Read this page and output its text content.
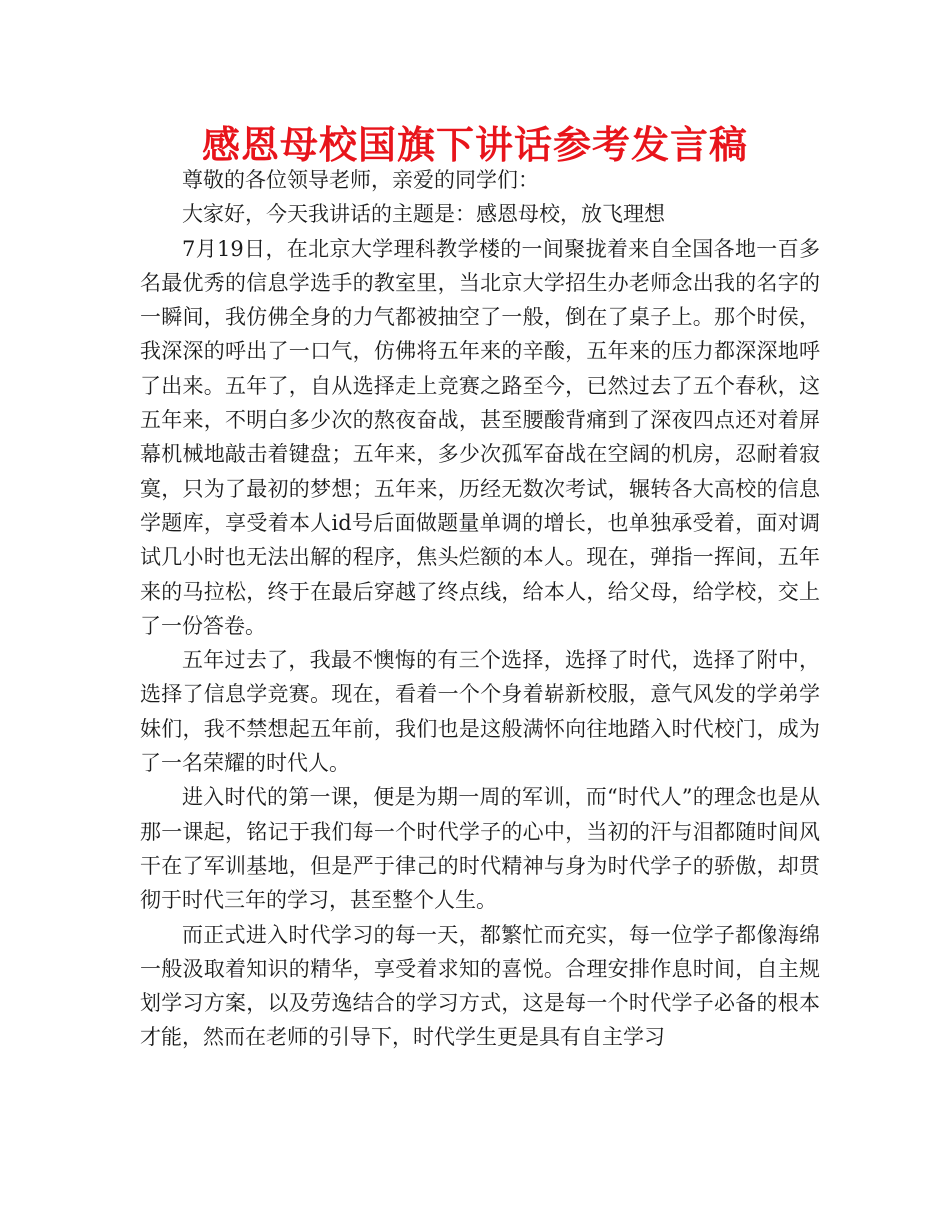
感恩母校国旗下讲话参考发言稿

尊敬的各位领导老师，亲爱的同学们：

大家好，今天我讲话的主题是：感恩母校，放飞理想

7月19日，在北京大学理科教学楼的一间聚拢着来自全国各地一百多名最优秀的信息学选手的教室里，当北京大学招生办老师念出我的名字的一瞬间，我仿佛全身的力气都被抽空了一般，倒在了桌子上。那个时侯，我深深的呼出了一口气，仿佛将五年来的辛酸，五年来的压力都深深地呼了出来。五年了，自从选择走上竞赛之路至今，已然过去了五个春秋，这五年来，不明白多少次的熬夜奋战，甚至腰酸背痛到了深夜四点还对着屏幕机械地敲击着键盘；五年来，多少次孤军奋战在空阔的机房，忍耐着寂寞，只为了最初的梦想；五年来，历经无数次考试，辗转各大高校的信息学题库，享受着本人id号后面做题量单调的增长，也单独承受着，面对调试几小时也无法出解的程序，焦头烂额的本人。现在，弹指一挥间，五年来的马拉松，终于在最后穿越了终点线，给本人，给父母，给学校，交上了一份答卷。

五年过去了，我最不懊悔的有三个选择，选择了时代，选择了附中，选择了信息学竞赛。现在，看着一个个身着崭新校服，意气风发的学弟学妹们，我不禁想起五年前，我们也是这般满怀向往地踏入时代校门，成为了一名荣耀的时代人。

进入时代的第一课，便是为期一周的军训，而“时代人”的理念也是从那一课起，铭记于我们每一个时代学子的心中，当初的汗与泪都随时间风干在了军训基地，但是严于律己的时代精神与身为时代学子的骄傲，却贯彻于时代三年的学习，甚至整个人生。

而正式进入时代学习的每一天，都繁忙而充实，每一位学子都像海绵一般汲取着知识的精华，享受着求知的喜悦。合理安排作息时间，自主规划学习方案，以及劳逸结合的学习方式，这是每一个时代学子必备的根本才能，然而在老师的引导下，时代学生更是具有自主学习
